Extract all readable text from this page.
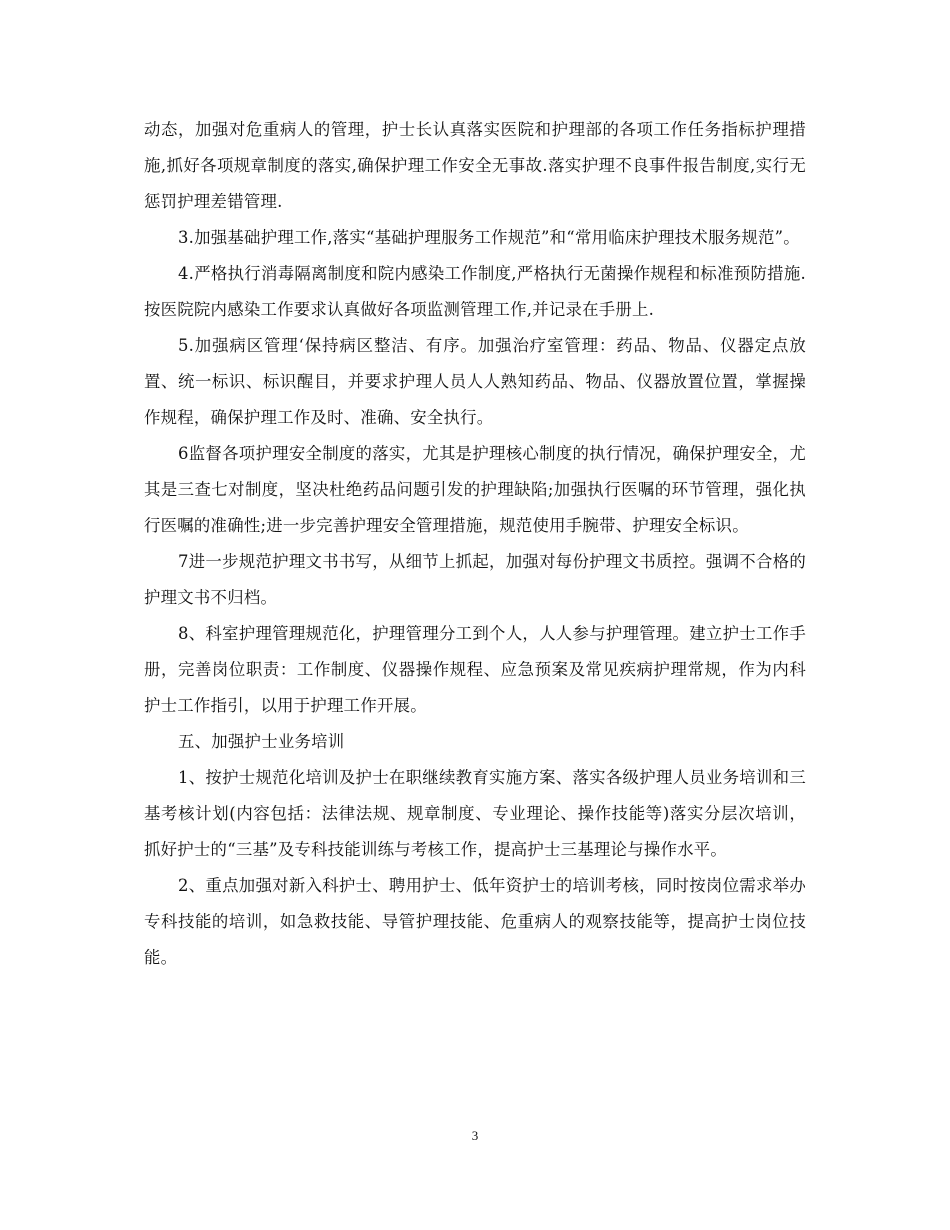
动态，加强对危重病人的管理，护士长认真落实医院和护理部的各项工作任务指标护理措施,抓好各项规章制度的落实,确保护理工作安全无事故.落实护理不良事件报告制度,实行无惩罚护理差错管理.

3.加强基础护理工作,落实“基础护理服务工作规范”和“常用临床护理技术服务规范”。

4.严格执行消毒隔离制度和院内感染工作制度,严格执行无菌操作规程和标准预防措施.按医院院内感染工作要求认真做好各项监测管理工作,并记录在手册上.

5.加强病区管理‘保持病区整洁、有序。加强治疗室管理：药品、物品、仪器定点放置、统一标识、标识醒目，并要求护理人员人人熟知药品、物品、仪器放置位置，掌握操作规程，确保护理工作及时、准确、安全执行。

6监督各项护理安全制度的落实，尤其是护理核心制度的执行情况，确保护理安全，尤其是三查七对制度，坚决杜绝药品问题引发的护理缺陷;加强执行医嘱的环节管理，强化执行医嘱的准确性;进一步完善护理安全管理措施，规范使用手腕带、护理安全标识。

7进一步规范护理文书书写，从细节上抓起，加强对每份护理文书质控。强调不合格的护理文书不归档。

8、科室护理管理规范化，护理管理分工到个人，人人参与护理管理。建立护士工作手册，完善岗位职责：工作制度、仪器操作规程、应急预案及常见疾病护理常规，作为内科护士工作指引，以用于护理工作开展。

五、加强护士业务培训

1、按护士规范化培训及护士在职继续教育实施方案、落实各级护理人员业务培训和三基考核计划(内容包括：法律法规、规章制度、专业理论、操作技能等)落实分层次培训，抓好护士的“三基”及专科技能训练与考核工作，提高护士三基理论与操作水平。

2、重点加强对新入科护士、聘用护士、低年资护士的培训考核，同时按岗位需求举办专科技能的培训，如急救技能、导管护理技能、危重病人的观察技能等，提高护士岗位技能。

3
